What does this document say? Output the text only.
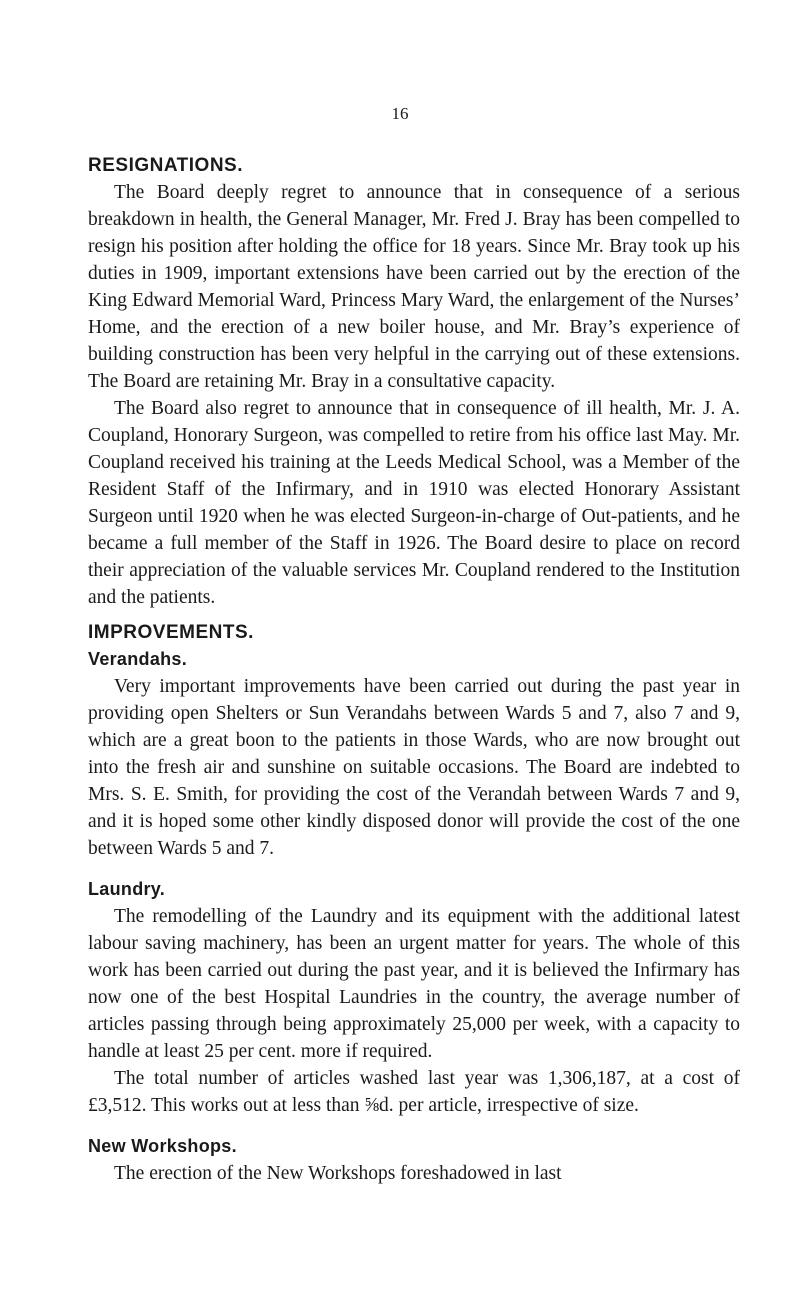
16
RESIGNATIONS.

The Board deeply regret to announce that in consequence of a serious breakdown in health, the General Manager, Mr. Fred J. Bray has been compelled to resign his position after holding the office for 18 years. Since Mr. Bray took up his duties in 1909, important extensions have been carried out by the erection of the King Edward Memorial Ward, Princess Mary Ward, the enlargement of the Nurses’ Home, and the erection of a new boiler house, and Mr. Bray’s experience of building construction has been very helpful in the carrying out of these extensions. The Board are retaining Mr. Bray in a consultative capacity.

The Board also regret to announce that in consequence of ill health, Mr. J. A. Coupland, Honorary Surgeon, was compelled to retire from his office last May. Mr. Coupland received his training at the Leeds Medical School, was a Member of the Resident Staff of the Infirmary, and in 1910 was elected Honorary Assistant Surgeon until 1920 when he was elected Surgeon-in-charge of Out-patients, and he became a full member of the Staff in 1926. The Board desire to place on record their appreciation of the valuable services Mr. Coupland rendered to the Institution and the patients.

IMPROVEMENTS.
Verandahs.

Very important improvements have been carried out during the past year in providing open Shelters or Sun Verandahs between Wards 5 and 7, also 7 and 9, which are a great boon to the patients in those Wards, who are now brought out into the fresh air and sunshine on suitable occasions. The Board are indebted to Mrs. S. E. Smith, for providing the cost of the Verandah between Wards 7 and 9, and it is hoped some other kindly disposed donor will provide the cost of the one between Wards 5 and 7.

Laundry.

The remodelling of the Laundry and its equipment with the additional latest labour saving machinery, has been an urgent matter for years. The whole of this work has been carried out during the past year, and it is believed the Infirmary has now one of the best Hospital Laundries in the country, the average number of articles passing through being approximately 25,000 per week, with a capacity to handle at least 25 per cent. more if required.

The total number of articles washed last year was 1,306,187, at a cost of £3,512. This works out at less than ⅝d. per article, irrespective of size.

New Workshops.

The erection of the New Workshops foreshadowed in last
